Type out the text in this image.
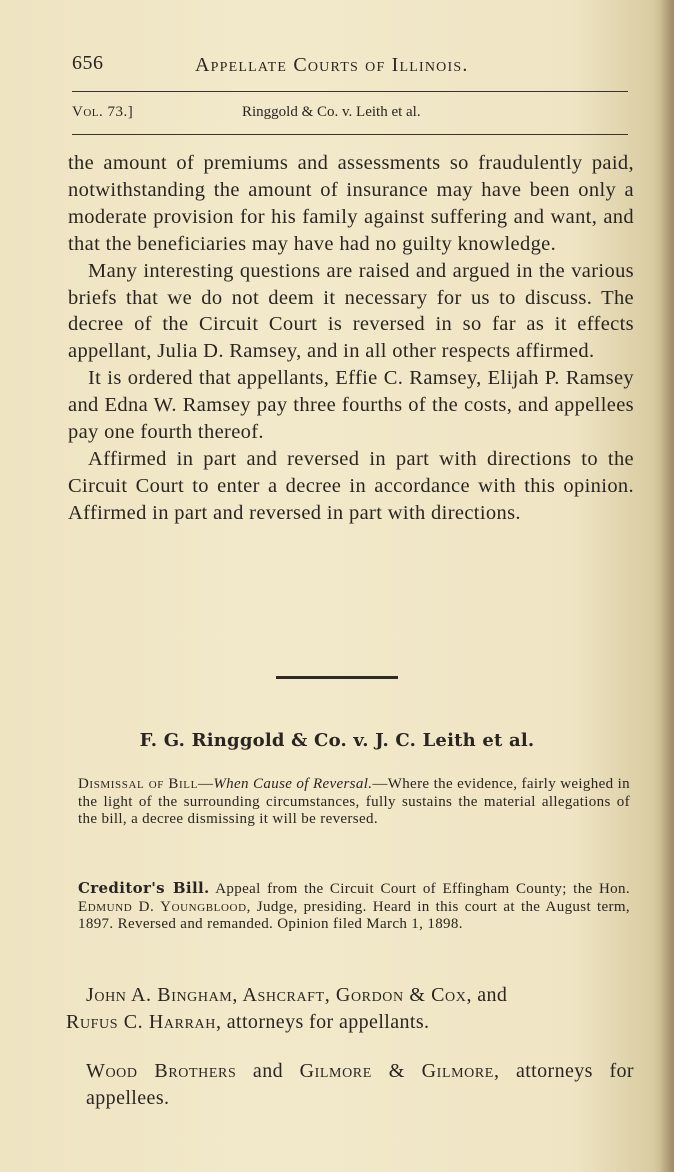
656	Appellate Courts of Illinois.
Vol. 73.]	Ringgold & Co. v. Leith et al.

the amount of premiums and assessments so fraudulently paid, notwithstanding the amount of insurance may have been only a moderate provision for his family against suffering and want, and that the beneficiaries may have had no guilty knowledge.

Many interesting questions are raised and argued in the various briefs that we do not deem it necessary for us to discuss. The decree of the Circuit Court is reversed in so far as it effects appellant, Julia D. Ramsey, and in all other respects affirmed.

It is ordered that appellants, Effie C. Ramsey, Elijah P. Ramsey and Edna W. Ramsey pay three fourths of the costs, and appellees pay one fourth thereof.

Affirmed in part and reversed in part with directions to the Circuit Court to enter a decree in accordance with this opinion. Affirmed in part and reversed in part with directions.

F. G. Ringgold & Co. v. J. C. Leith et al.

Dismissal of Bill—When Cause of Reversal.—Where the evidence, fairly weighed in the light of the surrounding circumstances, fully sustains the material allegations of the bill, a decree dismissing it will be reversed.

Creditor's Bill. Appeal from the Circuit Court of Effingham County; the Hon. Edmund D. Youngblood, Judge, presiding. Heard in this court at the August term, 1897. Reversed and remanded. Opinion filed March 1, 1898.

John A. Bingham, Ashcraft, Gordon & Cox, and
Rufus C. Harrah, attorneys for appellants.

Wood Brothers and Gilmore & Gilmore, attorneys for appellees.
